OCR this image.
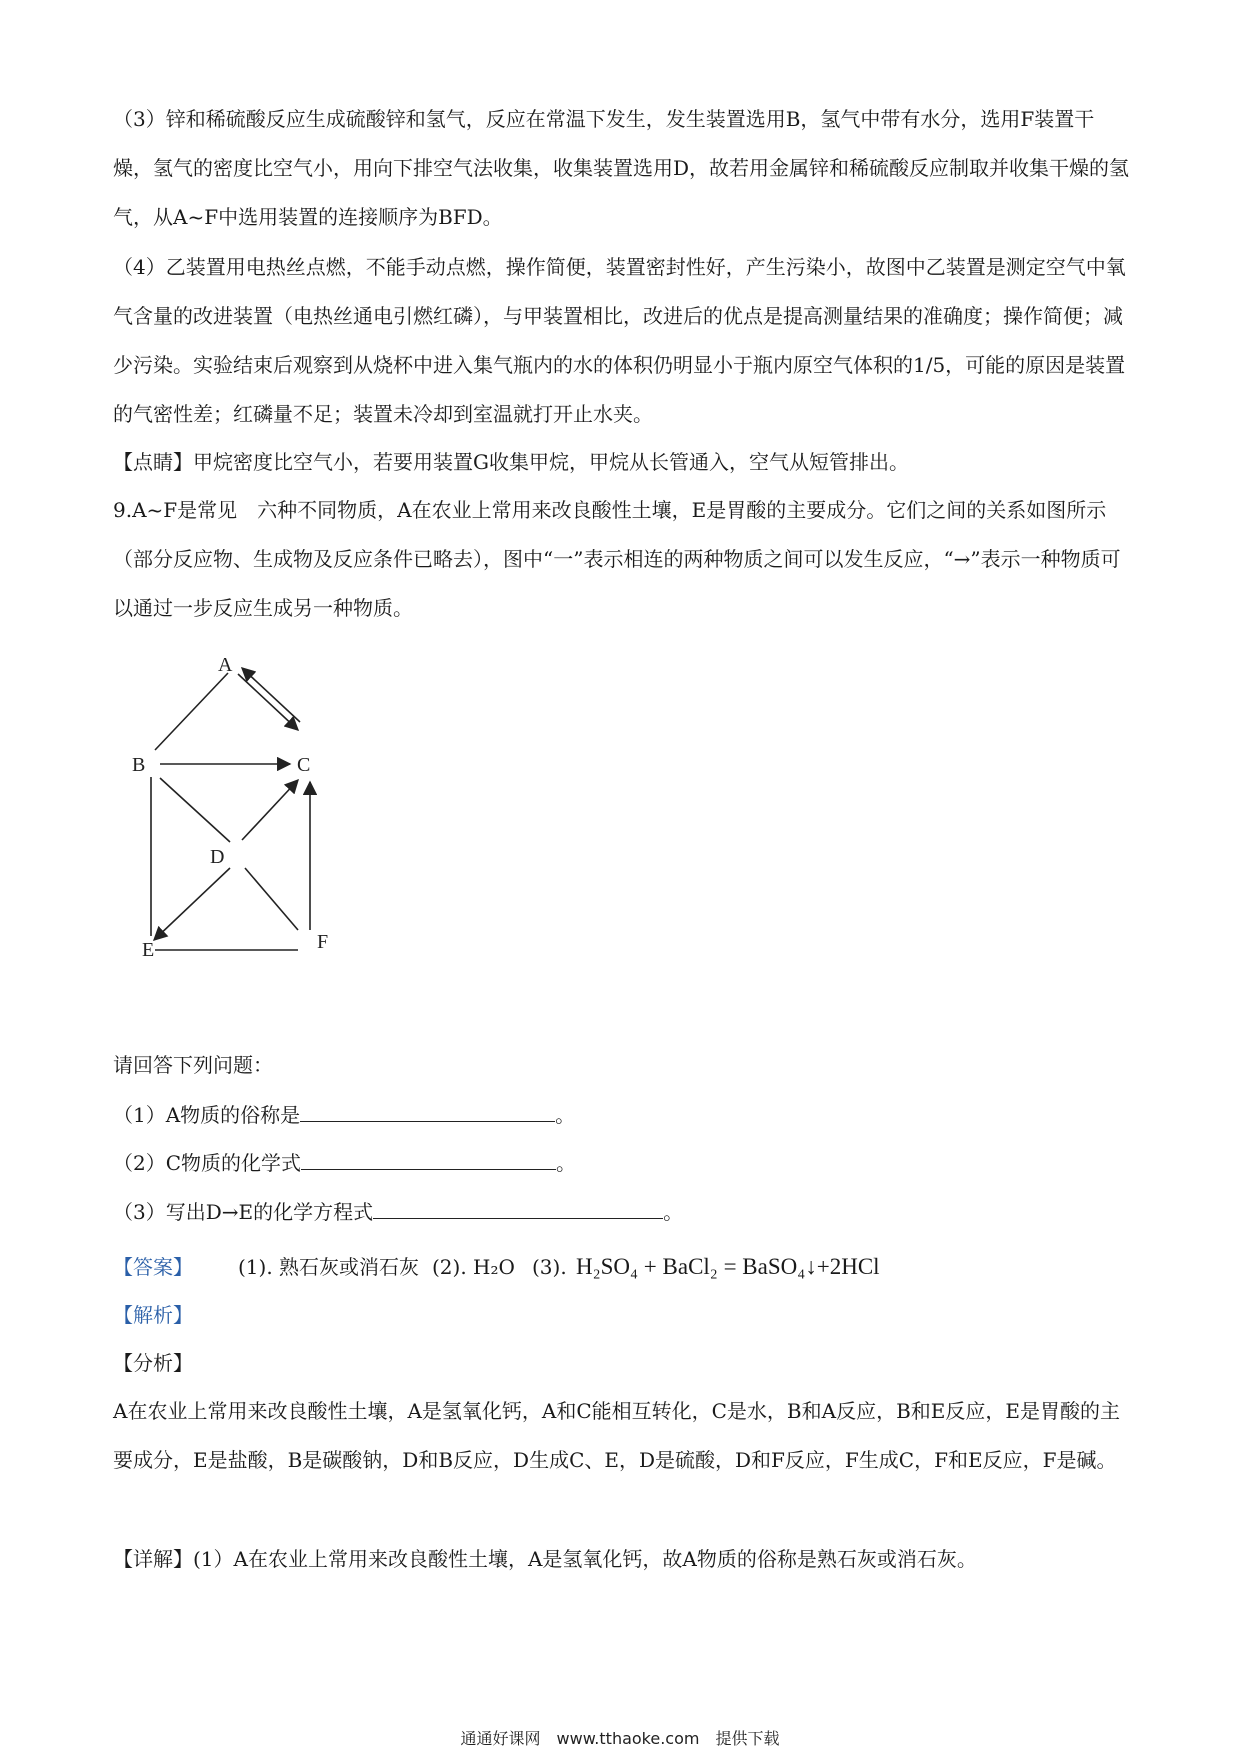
（3）锌和稀硫酸反应生成硫酸锌和氢气，反应在常温下发生，发生装置选用B，氢气中带有水分，选用F装置干燥，氢气的密度比空气小，用向下排空气法收集，收集装置选用D，故若用金属锌和稀硫酸反应制取并收集干燥的氢气，从A~F中选用装置的连接顺序为BFD。

（4）乙装置用电热丝点燃，不能手动点燃，操作简便，装置密封性好，产生污染小，故图中乙装置是测定空气中氧气含量的改进装置（电热丝通电引燃红磷），与甲装置相比，改进后的优点是提高测量结果的准确度；操作简便；减少污染。实验结束后观察到从烧杯中进入集气瓶内的水的体积仍明显小于瓶内原空气体积的1/5，可能的原因是装置的气密性差；红磷量不足；装置未冷却到室温就打开止水夹。

【点睛】甲烷密度比空气小，若要用装置G收集甲烷，甲烷从长管通入，空气从短管排出。

9.A~F是常见　六种不同物质，A在农业上常用来改良酸性土壤，E是胃酸的主要成分。它们之间的关系如图所示（部分反应物、生成物及反应条件已略去），图中“一”表示相连的两种物质之间可以发生反应，“→”表示一种物质可以通过一步反应生成另一种物质。

A
B	C
D
E	F
请回答下列问题：
（1）A物质的俗称是	。
（2）C物质的化学式	。
（3）写出D→E的化学方程式	。
【答案】 (1). 熟石灰或消石灰 (2). H₂O (3). H₂SO₄ + BaCl₂ = BaSO₄↓+2HCl
【解析】
【分析】

A在农业上常用来改良酸性土壤，A是氢氧化钙，A和C能相互转化，C是水，B和A反应，B和E反应，E是胃酸的主要成分，E是盐酸，B是碳酸钠，D和B反应，D生成C、E，D是硫酸，D和F反应，F生成C，F和E反应，F是碱。

【详解】(1）A在农业上常用来改良酸性土壤，A是氢氧化钙，故A物质的俗称是熟石灰或消石灰。
通通好课网　www.tthaoke.com　提供下载
